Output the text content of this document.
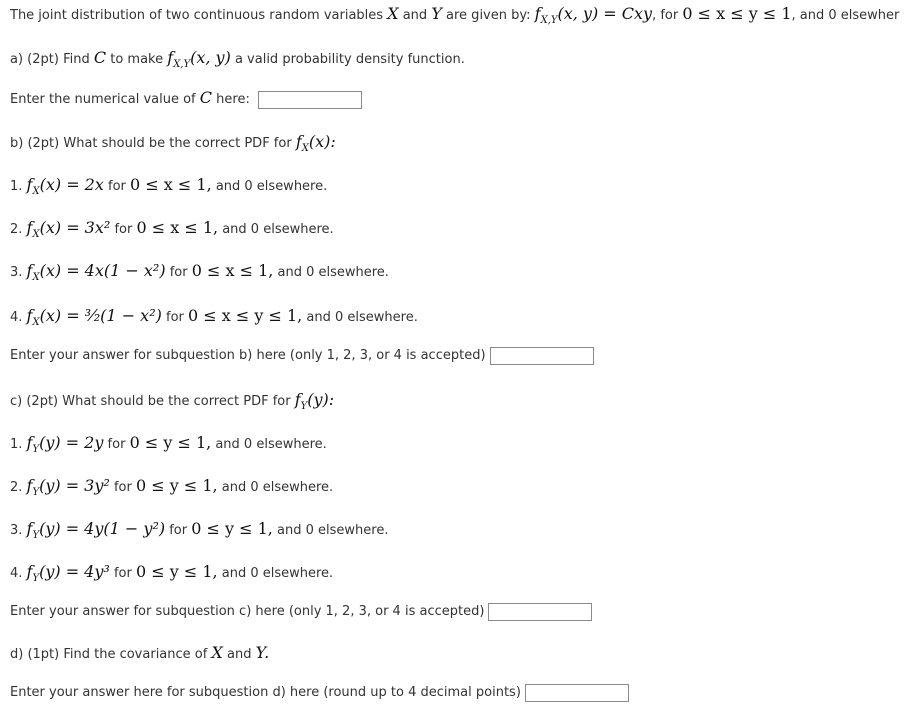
The joint distribution of two continuous random variables X and Y are given by: $f_{X,Y}(x$, y) = Cxy, for 0 ≤ x ≤ y ≤ 1, and 0 elsewher
a) (2pt) Find C to make $f_{X,Y}(x$, y) a valid probability density function.
Enter the numerical value of C here:
b) (2pt) What should be the correct PDF for $f_X(x)$:
1. $f_X(x) = 2x$ for 0 ≤ x ≤ 1, and 0 elsewhere.
2. $f_X(x) = 3x^2$ for 0 ≤ x ≤ 1, and 0 elsewhere.
3. $f_X(x) = 4x(1 - x^2)$ for 0 ≤ x ≤ 1, and 0 elsewhere.
4. $f_X(x)$ = ³⁄₂(1 − x²) for 0 ≤ x ≤ y ≤ 1, and 0 elsewhere.
Enter your answer for subquestion b) here (only 1, 2, 3, or 4 is accepted)
c) (2pt) What should be the correct PDF for $f_Y(y)$:
1. $f_Y(y) = 2y$ for 0 ≤ y ≤ 1, and 0 elsewhere.
2. $f_Y(y) = 3y^2$ for 0 ≤ y ≤ 1, and 0 elsewhere.
3. $f_Y(y) = 4y(1 - y^2)$ for 0 ≤ y ≤ 1, and 0 elsewhere.
4. $f_Y(y) = 4y^3$ for 0 ≤ y ≤ 1, and 0 elsewhere.
Enter your answer for subquestion c) here (only 1, 2, 3, or 4 is accepted)
d) (1pt) Find the covariance of X and Y.
Enter your answer here for subquestion d) here (round up to 4 decimal points)
